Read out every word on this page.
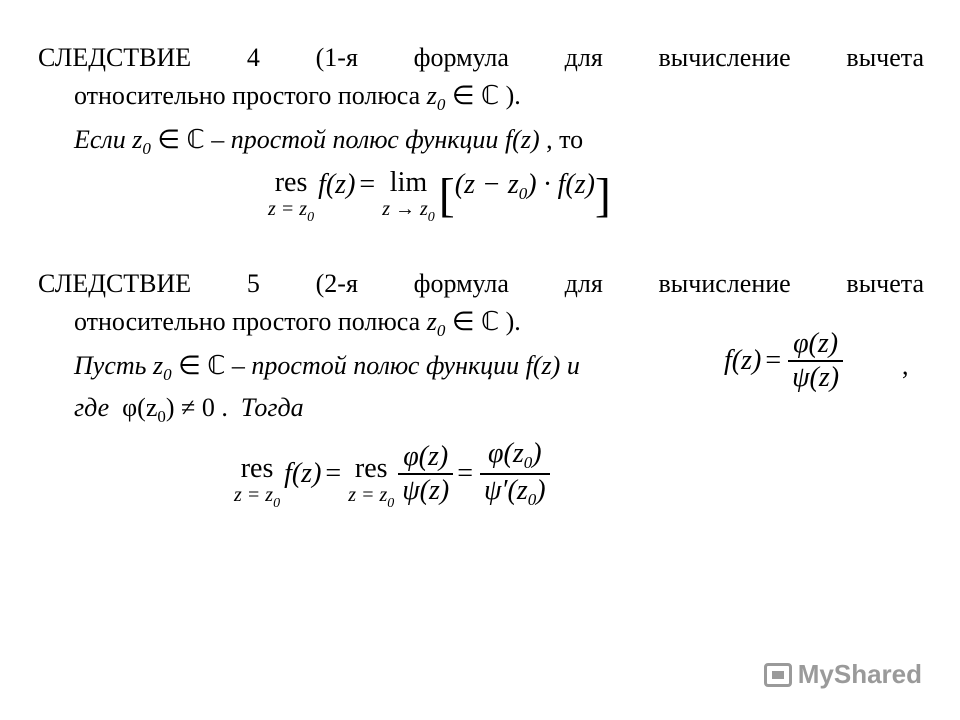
СЛЕДСТВИЕ 4 (1-я формула для вычисление вычета
относительно простого полюса $z_0$ ∈ ℂ ).
Если $z_0$ ∈ ℂ – простой полюс функции f(z) , то
res
$z = z_0$
f(z) = lim
$z \to z_0$ $[(z - z_0) \cdot f(z)]$
СЛЕДСТВИЕ 5 (2-я формула для вычисление вычета
относительно простого полюса $z_0$ ∈ ℂ ).
Пусть $z_0$ ∈ ℂ – простой полюс функции f(z) и	$f(z) = \frac{\varphi(z)}{\psi(z)}$ ,
где $\varphi(z_0) \ne 0$ . Тогда
res
$z = z_0$
f(z) = res
$z = z_0$
$\frac{\varphi(z)}{\psi(z)} = \frac{\varphi(z_0)}{\psi'(z_0)}$
MyShared
